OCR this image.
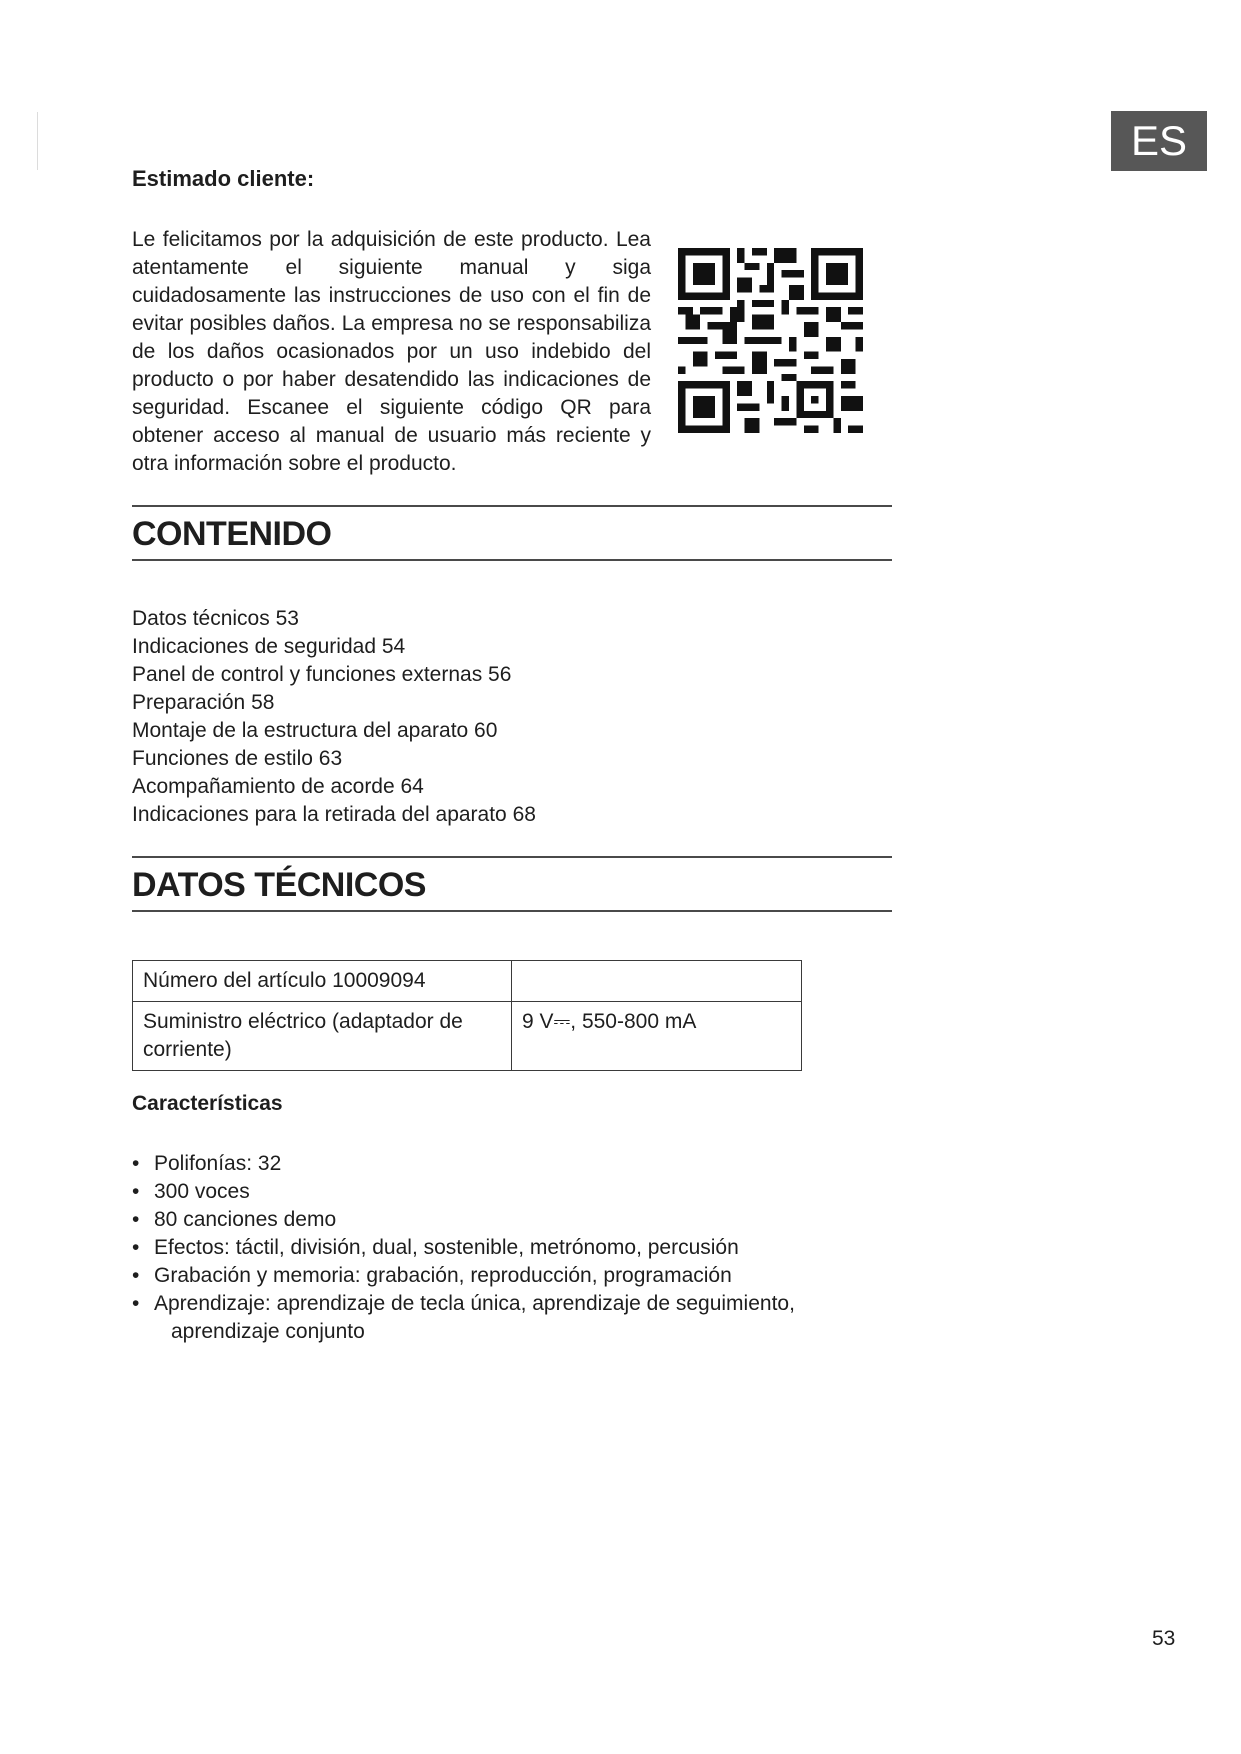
ES
Estimado cliente:

Le felicitamos por la adquisición de este producto. Lea atentamente el siguiente manual y siga cuidadosamente las instrucciones de uso con el fin de evitar posibles daños. La empresa no se responsabiliza de los daños ocasionados por un uso indebido del producto o por haber desatendido las indicaciones de seguridad. Escanee el siguiente código QR para obtener acceso al manual de usuario más reciente y otra información sobre el producto.

CONTENIDO
Datos técnicos 53
Indicaciones de seguridad 54
Panel de control y funciones externas 56
Preparación 58
Montaje de la estructura del aparato 60
Funciones de estilo 63
Acompañamiento de acorde 64
Indicaciones para la retirada del aparato 68
DATOS TÉCNICOS
Número del artículo 10009094	
Suministro eléctrico (adaptador de corriente)	9 V⎓, 550-800 mA
Características
• Polifonías: 32
• 300 voces
• 80 canciones demo
• Efectos: táctil, división, dual, sostenible, metrónomo, percusión
• Grabación y memoria: grabación, reproducción, programación
• Aprendizaje: aprendizaje de tecla única, aprendizaje de seguimiento,
aprendizaje conjunto
53
